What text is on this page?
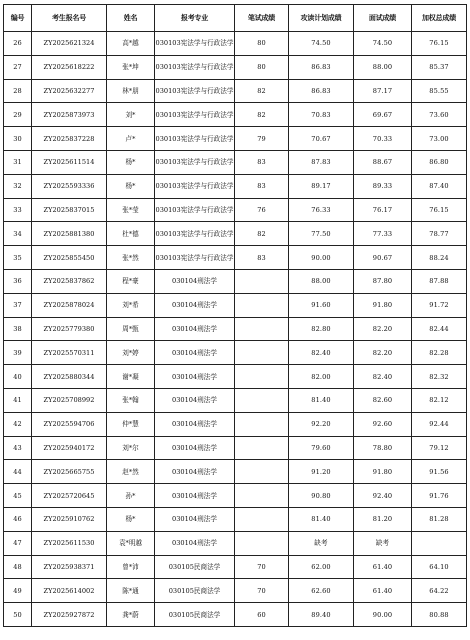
编号	考生报名号	姓名	报考专业	笔试成绩	攻读计划成绩	面试成绩	加权总成绩
26	ZY2025621324	高*越	030103宪法学与行政法学	80	74.50	74.50	76.15
27	ZY2025618222	张*坤	030103宪法学与行政法学	80	86.83	88.00	85.37
28	ZY2025632277	林*朋	030103宪法学与行政法学	82	86.83	87.17	85.55
29	ZY2025873973	刘*	030103宪法学与行政法学	82	70.83	69.67	73.60
30	ZY2025837228	卢*	030103宪法学与行政法学	79	70.67	70.33	73.00
31	ZY2025611514	杨*	030103宪法学与行政法学	83	87.83	88.67	86.80
32	ZY2025593336	杨*	030103宪法学与行政法学	83	89.17	89.33	87.40
33	ZY2025837015	张*莹	030103宪法学与行政法学	76	76.33	76.17	76.15
34	ZY2025881380	杜*德	030103宪法学与行政法学	82	77.50	77.33	78.77
35	ZY2025855450	张*然	030103宪法学与行政法学	83	90.00	90.67	88.24
36	ZY2025837862	程*豪	030104刑法学		88.00	87.80	87.88
37	ZY2025878024	刘*希	030104刑法学		91.60	91.80	91.72
38	ZY2025779380	周*甄	030104刑法学		82.80	82.20	82.44
39	ZY2025570311	刘*婷	030104刑法学		82.40	82.20	82.28
40	ZY2025880344	谢*凝	030104刑法学		82.00	82.40	82.32
41	ZY2025708992	张*翰	030104刑法学		81.40	82.60	82.12
42	ZY2025594706	仲*慧	030104刑法学		92.20	92.60	92.44
43	ZY2025940172	刘*尔	030104刑法学		79.60	78.80	79.12
44	ZY2025665755	赵*然	030104刑法学		91.20	91.80	91.56
45	ZY2025720645	孙*	030104刑法学		90.80	92.40	91.76
46	ZY2025910762	杨*	030104刑法学		81.40	81.20	81.28
47	ZY2025611530	袁*明越	030104刑法学		缺考	缺考	
48	ZY2025938371	曾*沛	030105民商法学	70	62.00	61.40	64.10
49	ZY2025614002	陈*通	030105民商法学	70	62.60	61.40	64.22
50	ZY2025927872	龚*蔚	030105民商法学	60	89.40	90.00	80.88
